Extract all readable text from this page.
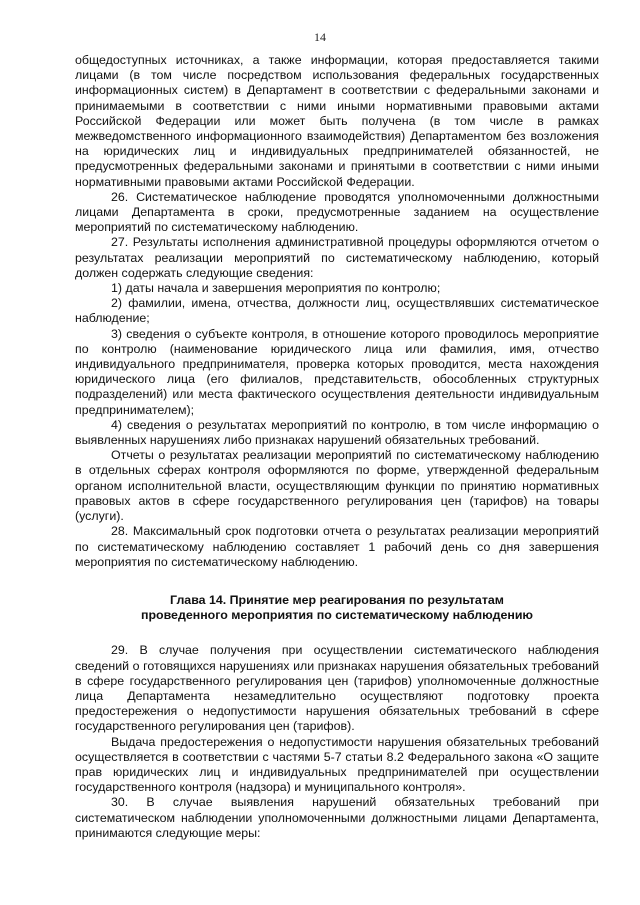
14

общедоступных источниках, а также информации, которая предоставляется такими лицами (в том числе посредством использования федеральных государственных информационных систем) в Департамент в соответствии с федеральными законами и принимаемыми в соответствии с ними иными нормативными правовыми актами Российской Федерации или может быть получена (в том числе в рамках межведомственного информационного взаимодействия) Департаментом без возложения на юридических лиц и индивидуальных предпринимателей обязанностей, не предусмотренных федеральными законами и принятыми в соответствии с ними иными нормативными правовыми актами Российской Федерации.

26. Систематическое наблюдение проводятся уполномоченными должностными лицами Департамента в сроки, предусмотренные заданием на осуществление мероприятий по систематическому наблюдению.

27. Результаты исполнения административной процедуры оформляются отчетом о результатах реализации мероприятий по систематическому наблюдению, который должен содержать следующие сведения:

1) даты начала и завершения мероприятия по контролю;

2) фамилии, имена, отчества, должности лиц, осуществлявших систематическое наблюдение;

3) сведения о субъекте контроля, в отношение которого проводилось мероприятие по контролю (наименование юридического лица или фамилия, имя, отчество индивидуального предпринимателя, проверка которых проводится, места нахождения юридического лица (его филиалов, представительств, обособленных структурных подразделений) или места фактического осуществления деятельности индивидуальным предпринимателем);

4) сведения о результатах мероприятий по контролю, в том числе информацию о выявленных нарушениях либо признаках нарушений обязательных требований.

Отчеты о результатах реализации мероприятий по систематическому наблюдению в отдельных сферах контроля оформляются по форме, утвержденной федеральным органом исполнительной власти, осуществляющим функции по принятию нормативных правовых актов в сфере государственного регулирования цен (тарифов) на товары (услуги).

28. Максимальный срок подготовки отчета о результатах реализации мероприятий по систематическому наблюдению составляет 1 рабочий день со дня завершения мероприятия по систематическому наблюдению.

Глава 14. Принятие мер реагирования по результатам
проведенного мероприятия по систематическому наблюдению

29. В случае получения при осуществлении систематического наблюдения сведений о готовящихся нарушениях или признаках нарушения обязательных требований в сфере государственного регулирования цен (тарифов) уполномоченные должностные лица Департамента незамедлительно осуществляют подготовку проекта предостережения о недопустимости нарушения обязательных требований в сфере государственного регулирования цен (тарифов).

Выдача предостережения о недопустимости нарушения обязательных требований осуществляется в соответствии с частями 5-7 статьи 8.2 Федерального закона «О защите прав юридических лиц и индивидуальных предпринимателей при осуществлении государственного контроля (надзора) и муниципального контроля».

30. В случае выявления нарушений обязательных требований при систематическом наблюдении уполномоченными должностными лицами Департамента, принимаются следующие меры:
